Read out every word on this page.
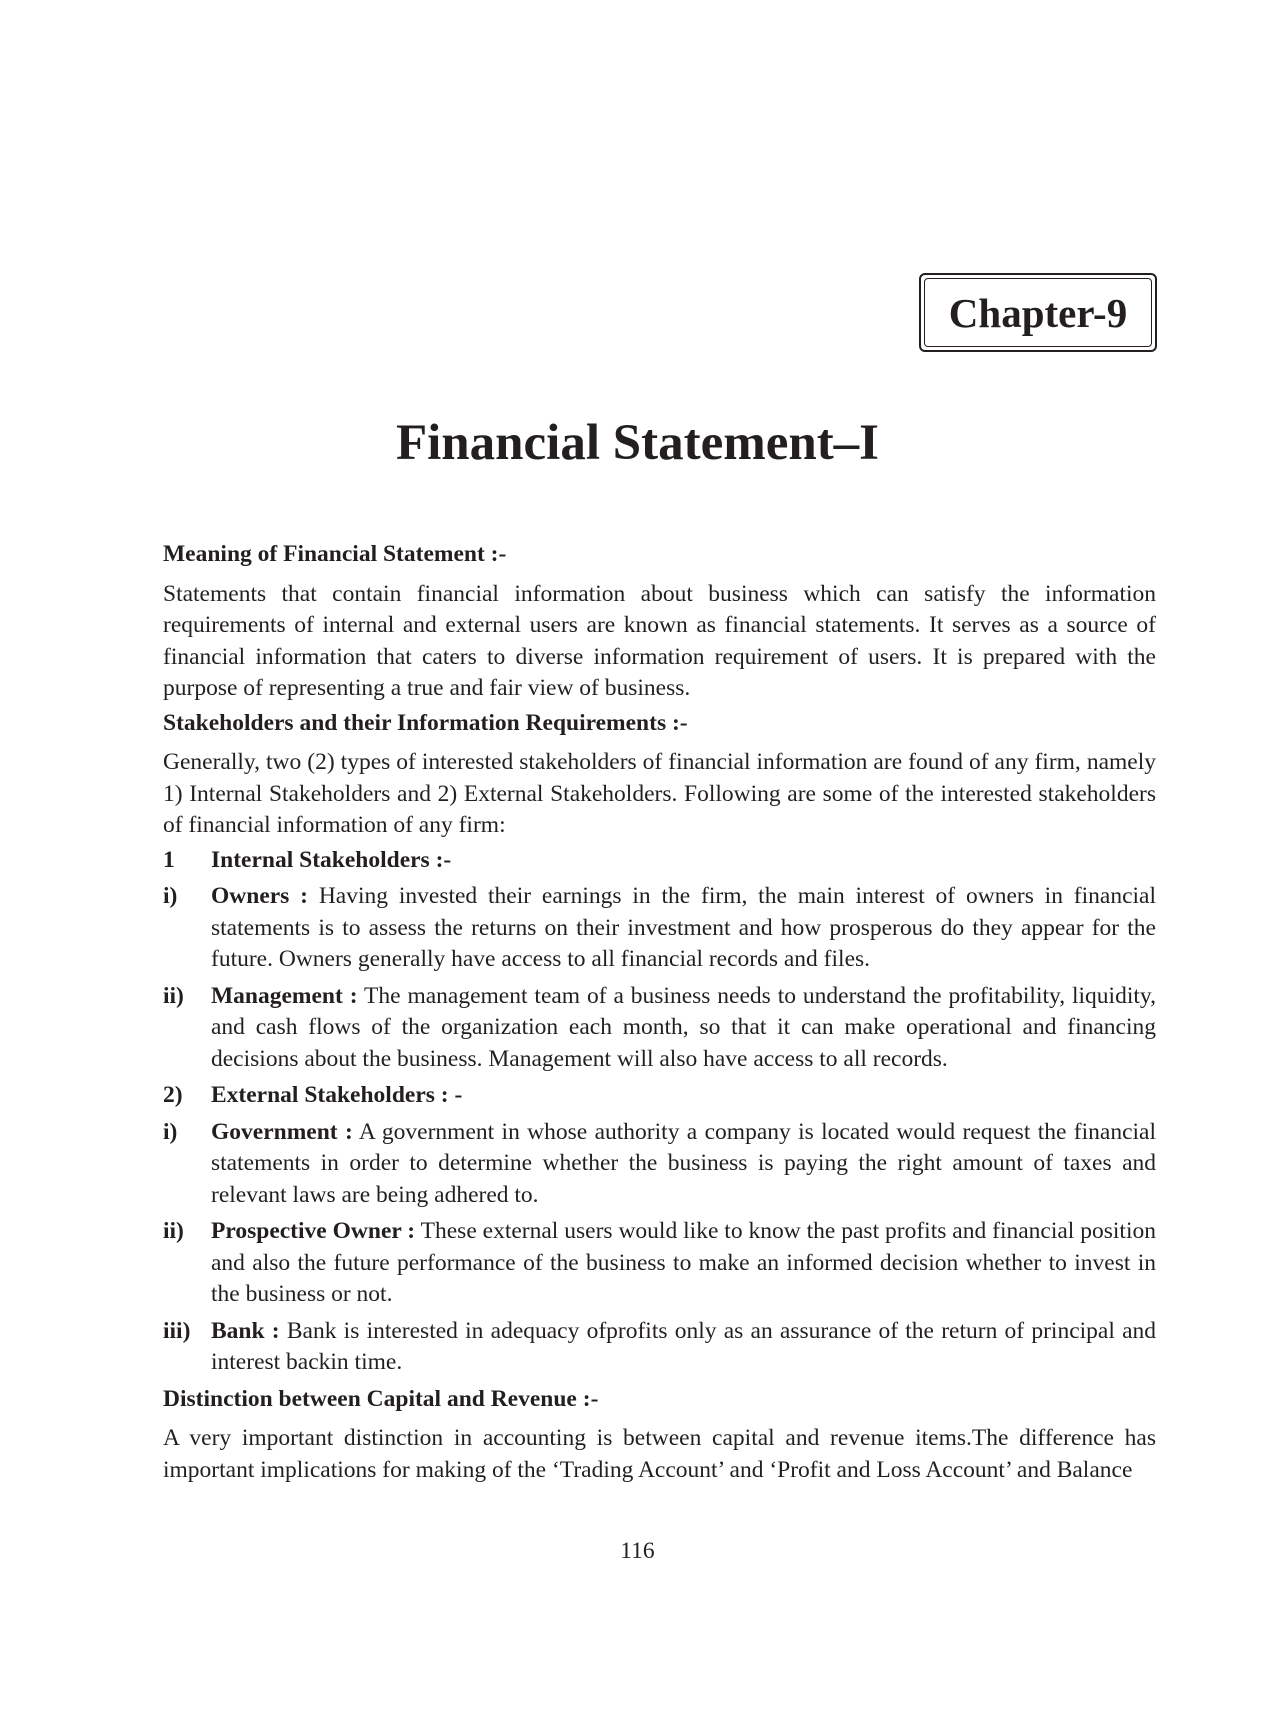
Chapter-9
Financial Statement–I

Meaning of Financial Statement :-

Statements that contain financial information about business which can satisfy the information requirements of internal and external users are known as financial statements. It serves as a source of financial information that caters to diverse information requirement of users. It is prepared with the purpose of representing a true and fair view of business.

Stakeholders and their Information Requirements :-

Generally, two (2) types of interested stakeholders of financial information are found of any firm, namely 1) Internal Stakeholders and 2) External Stakeholders. Following are some of the interested stakeholders of financial information of any firm:

1	Internal Stakeholders :-
i)	Owners : Having invested their earnings in the firm, the main interest of owners in financial statements is to assess the returns on their investment and how prosperous do they appear for the future. Owners generally have access to all financial records and files.
ii)	Management : The management team of a business needs to understand the profitability, liquidity, and cash flows of the organization each month, so that it can make operational and financing decisions about the business. Management will also have access to all records.
2)	External Stakeholders : -
i)	Government : A government in whose authority a company is located would request the financial statements in order to determine whether the business is paying the right amount of taxes and relevant laws are being adhered to.
ii)	Prospective Owner : These external users would like to know the past profits and financial position and also the future performance of the business to make an informed decision whether to invest in the business or not.
iii) Bank : Bank is interested in adequacy ofprofits only as an assurance of the return of principal and interest backin time.

Distinction between Capital and Revenue :-

A very important distinction in accounting is between capital and revenue items.The difference has important implications for making of the ‘Trading Account’ and ‘Profit and Loss Account’ and Balance

116
